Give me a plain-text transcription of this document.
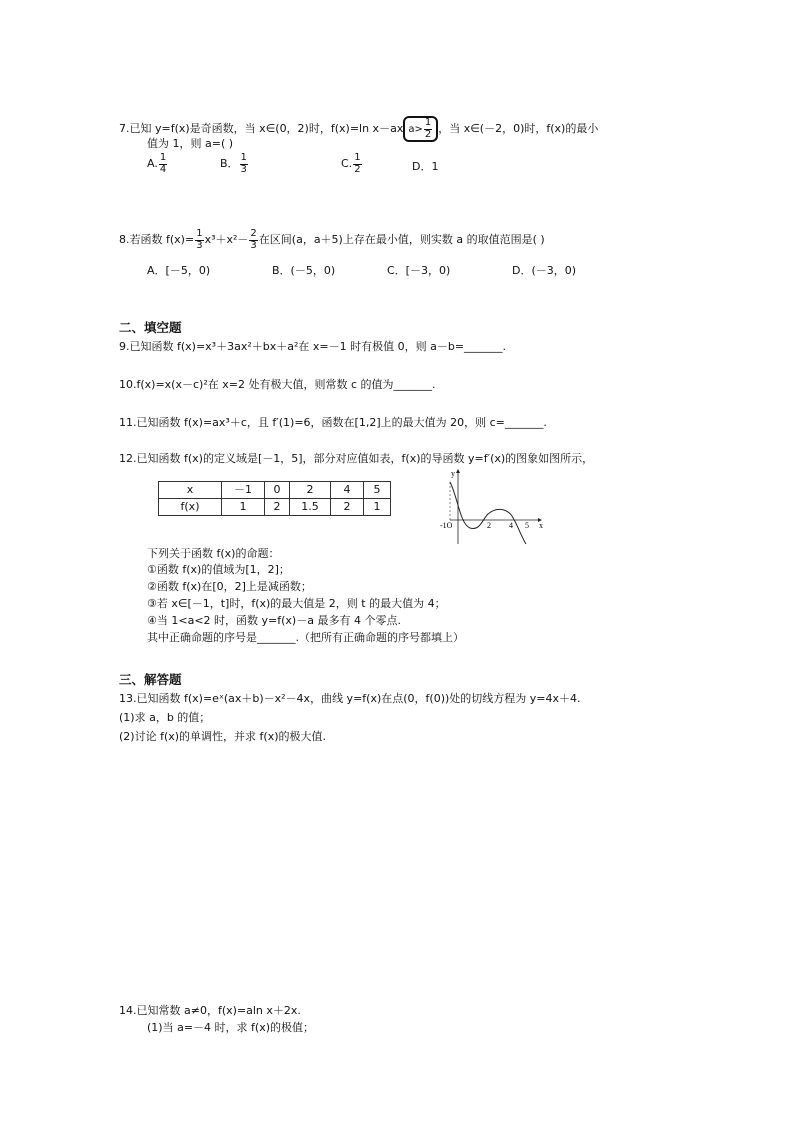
7.已知 y=f(x)是奇函数，当 x∈(0，2)时，f(x)=ln x－ax $a> \frac{1}{2}$ ，当 x∈(－2，0)时，f(x)的最小
值为 1，则 a=( )
A. $\frac{1}{4}$	B． $\frac{1}{3}$	C. $\frac{1}{2}$	D．1
8.若函数 $f(x)= \frac{1}{3} x^3+x^2- \frac{2}{3}$ 在区间(a，a＋5)上存在最小值，则实数 a 的取值范围是( )
A．[－5，0)	B．(－5，0)	C．[－3，0)	D．(－3，0)
二、填空题
9.已知函数 f(x)=x³＋3ax²＋bx＋a²在 x=－1 时有极值 0，则 a－b=_______.
10.f(x)=x(x－c)²在 x=2 处有极大值，则常数 c 的值为_______.
11.已知函数 f(x)=ax³＋c，且 f′(1)=6，函数在[1,2]上的最大值为 20，则 c=_______.
12.已知函数 f(x)的定义域是[－1，5]，部分对应值如表，f(x)的导函数 y=f′(x)的图象如图所示，
x	－1	0	2	4	5
f(x)	1	2	1.5	2	1
y
x
-1O	2 4 5
下列关于函数 f(x)的命题：
①函数 f(x)的值域为[1，2]；
②函数 f(x)在[0，2]上是减函数；
③若 x∈[－1，t]时，f(x)的最大值是 2，则 t 的最大值为 4；
④当 1<a<2 时，函数 y=f(x)－a 最多有 4 个零点.
其中正确命题的序号是_______.（把所有正确命题的序号都填上）
三、解答题
13.已知函数 f(x)=eˣ(ax＋b)－x²－4x，曲线 y=f(x)在点(0，f(0))处的切线方程为 y=4x＋4.
(1)求 a，b 的值；
(2)讨论 f(x)的单调性，并求 f(x)的极大值.
14.已知常数 a≠0，f(x)=aln x＋2x.
(1)当 a=－4 时，求 f(x)的极值；
